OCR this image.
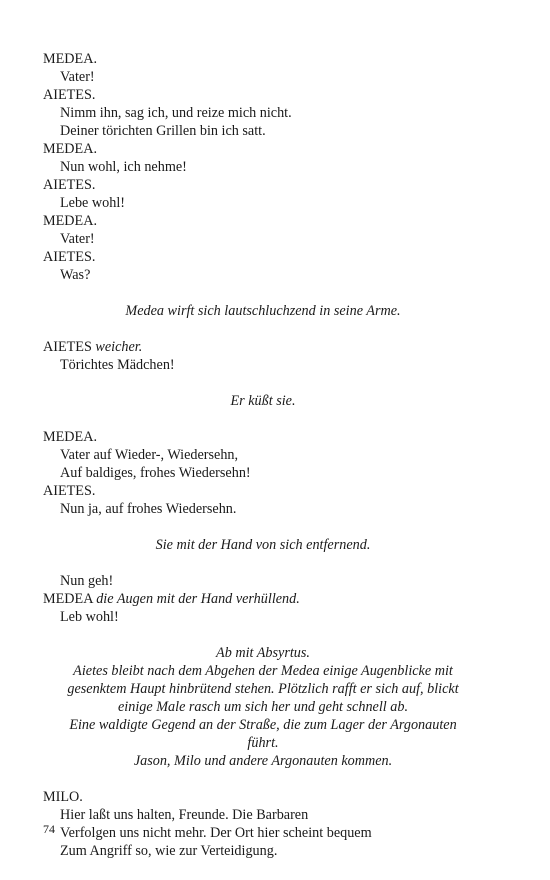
MEDEA.
Vater!
AIETES.
Nimm ihn, sag ich, und reize mich nicht.
Deiner törichten Grillen bin ich satt.
MEDEA.
Nun wohl, ich nehme!
AIETES.
Lebe wohl!
MEDEA.
Vater!
AIETES.
Was?
Medea wirft sich lautschluchzend in seine Arme.
AIETES weicher.
Törichtes Mädchen!
Er küßt sie.
MEDEA.
Vater auf Wieder-, Wiedersehn,
Auf baldiges, frohes Wiedersehn!
AIETES.
Nun ja, auf frohes Wiedersehn.
Sie mit der Hand von sich entfernend.
Nun geh!
MEDEA die Augen mit der Hand verhüllend.
Leb wohl!
Ab mit Absyrtus.
Aietes bleibt nach dem Abgehen der Medea einige Augenblicke mit
gesenktem Haupt hinbrütend stehen. Plötzlich rafft er sich auf, blickt
einige Male rasch um sich her und geht schnell ab.
Eine waldigte Gegend an der Straße, die zum Lager der Argonauten
führt.
Jason, Milo und andere Argonauten kommen.
MILO.
Hier laßt uns halten, Freunde. Die Barbaren
Verfolgen uns nicht mehr. Der Ort hier scheint bequem
Zum Angriff so, wie zur Verteidigung.
74
